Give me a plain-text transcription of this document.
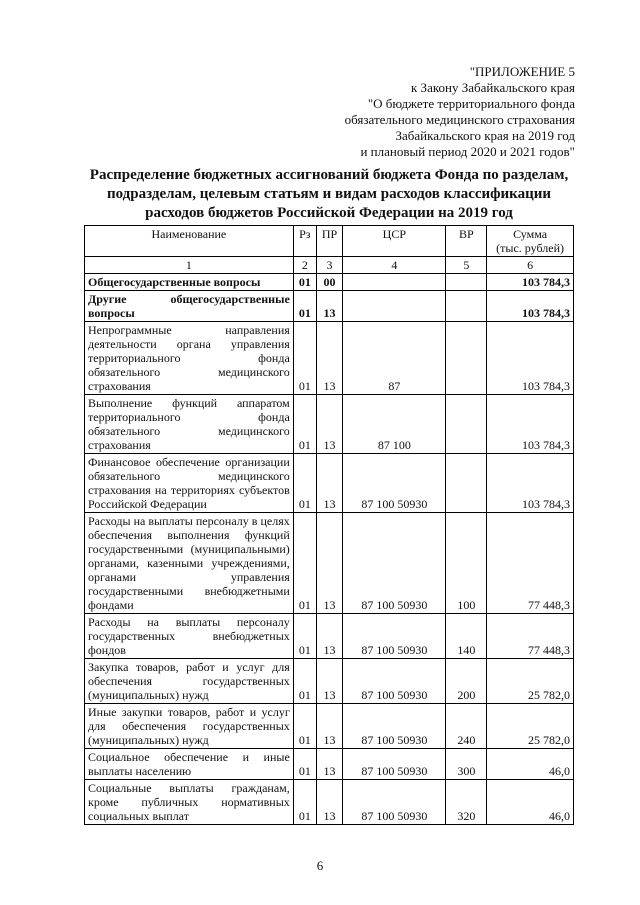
"ПРИЛОЖЕНИЕ 5
к Закону Забайкальского края
"О бюджете территориального фонда
обязательного медицинского страхования
Забайкальского края на 2019 год
и плановый период 2020 и 2021 годов"
Распределение бюджетных ассигнований бюджета Фонда по разделам,
подразделам, целевым статьям и видам расходов классификации
расходов бюджетов Российской Федерации на 2019 год
Наименование	Рз	ПР	ЦСР	ВР	Сумма
(тыс. рублей)

1	2	3	4	5	6
Общегосударственные вопросы	01	00			103 784,3
Другие общегосударственные вопросы	01	13			103 784,3
Непрограммные направления деятельности органа управления территориального фонда обязательного медицинского страхования	01	13	87		103 784,3
Выполнение функций аппаратом территориального фонда обязательного медицинского страхования	01	13	87 100		103 784,3
Финансовое обеспечение организации обязательного медицинского страхования на территориях субъектов Российской Федерации	01	13	87 100 50930		103 784,3
Расходы на выплаты персоналу в целях обеспечения выполнения функций государственными (муниципальными) органами, казенными учреждениями, органами управления государственными внебюджетными фондами	01	13	87 100 50930	100	77 448,3
Расходы на выплаты персоналу государственных внебюджетных фондов	01	13	87 100 50930	140	77 448,3
Закупка товаров, работ и услуг для обеспечения государственных (муниципальных) нужд	01	13	87 100 50930	200	25 782,0
Иные закупки товаров, работ и услуг для обеспечения государственных (муниципальных) нужд	01	13	87 100 50930	240	25 782,0
Социальное обеспечение и иные выплаты населению	01	13	87 100 50930	300	46,0
Социальные выплаты гражданам, кроме публичных нормативных социальных выплат	01	13	87 100 50930	320	46,0
6
